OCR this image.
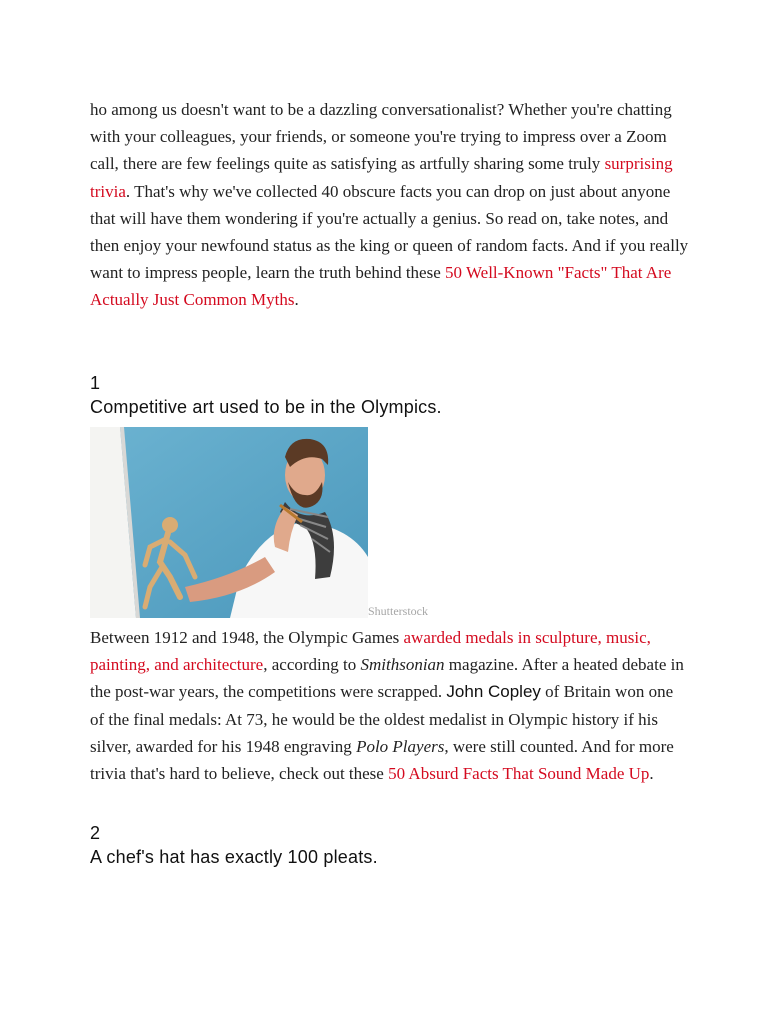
ho among us doesn't want to be a dazzling conversationalist? Whether you're chatting with your colleagues, your friends, or someone you're trying to impress over a Zoom call, there are few feelings quite as satisfying as artfully sharing some truly surprising trivia. That's why we've collected 40 obscure facts you can drop on just about anyone that will have them wondering if you're actually a genius. So read on, take notes, and then enjoy your newfound status as the king or queen of random facts. And if you really want to impress people, learn the truth behind these 50 Well-Known "Facts" That Are Actually Just Common Myths.

1

Competitive art used to be in the Olympics.

Shutterstock

Between 1912 and 1948, the Olympic Games awarded medals in sculpture, music, painting, and architecture, according to Smithsonian magazine. After a heated debate in the post-war years, the competitions were scrapped. John Copley of Britain won one of the final medals: At 73, he would be the oldest medalist in Olympic history if his silver, awarded for his 1948 engraving Polo Players, were still counted. And for more trivia that's hard to believe, check out these 50 Absurd Facts That Sound Made Up.

2

A chef's hat has exactly 100 pleats.
